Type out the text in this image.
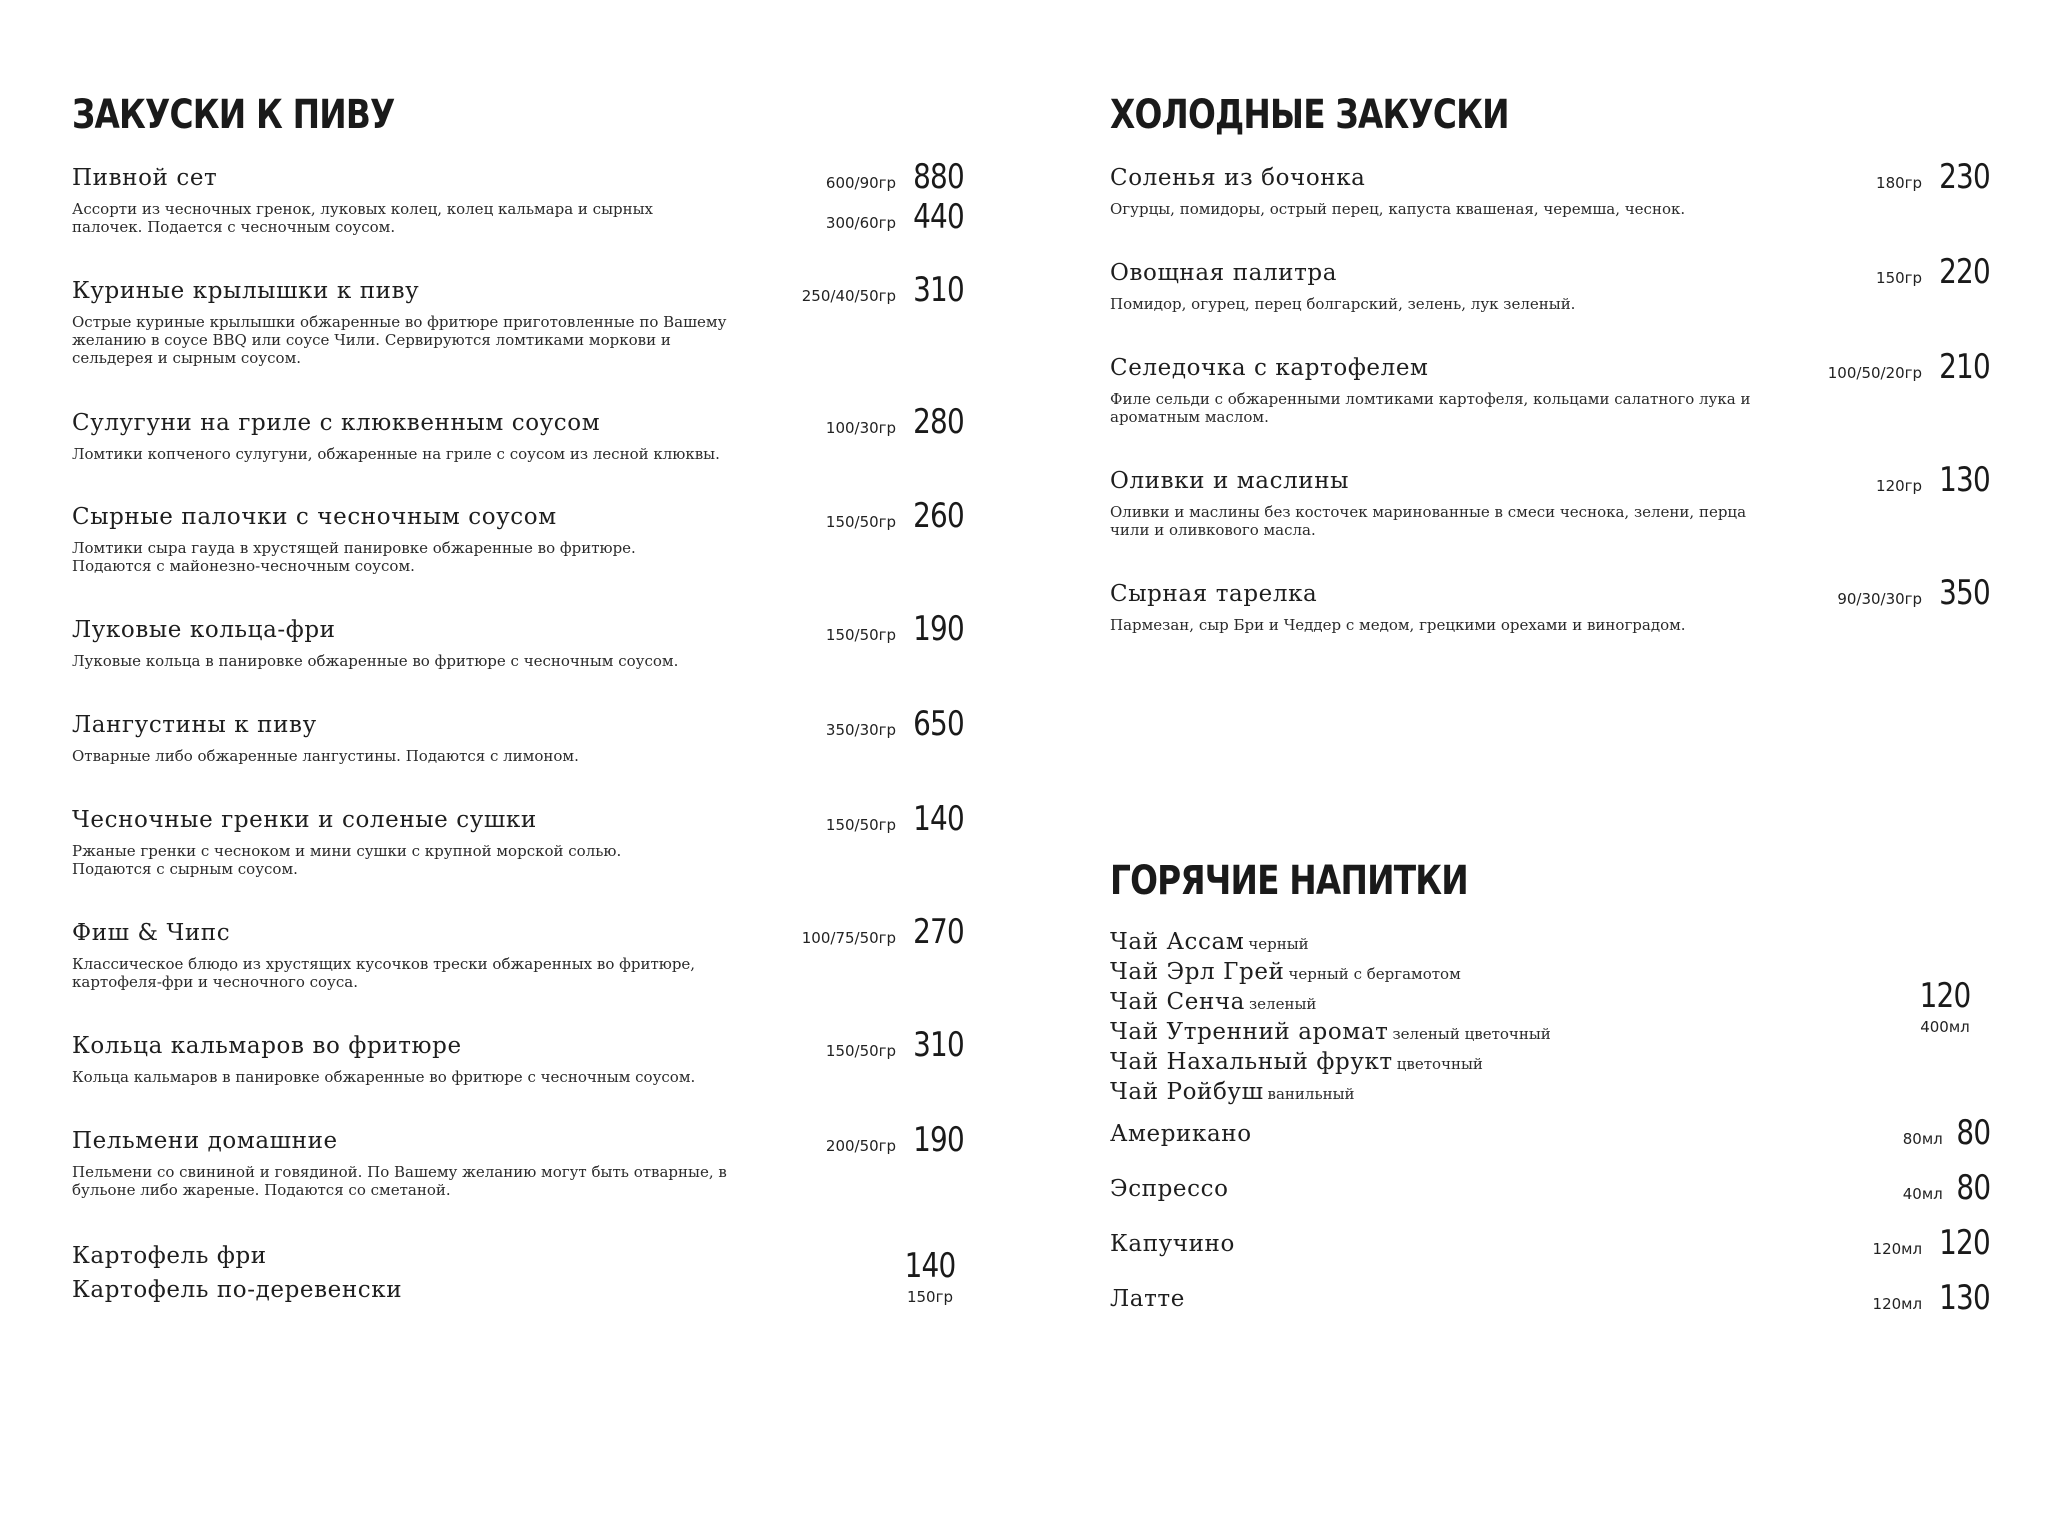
ЗАКУСКИ К ПИВУ
Пивной сет
Ассорти из чесночных гренок, луковых колец, колец кальмара и сырных
палочек. Подается с чесночным соусом.
600/90гр 880
300/60гр 440
Куриные крылышки к пиву
Острые куриные крылышки обжаренные во фритюре приготовленные по Вашему
желанию в соусе BBQ или соусе Чили. Сервируются ломтиками моркови и
сельдерея и сырным соусом.
250/40/50гр 310
Сулугуни на гриле с клюквенным соусом
Ломтики копченого сулугуни, обжаренные на гриле с соусом из лесной клюквы.
100/30гр 280
Сырные палочки с чесночным соусом
Ломтики сыра гауда в хрустящей панировке обжаренные во фритюре.
Подаются с майонезно-чесночным соусом.
150/50гр 260
Луковые кольца-фри
Луковые кольца в панировке обжаренные во фритюре с чесночным соусом.
150/50гр 190
Лангустины к пиву
Отварные либо обжаренные лангустины. Подаются с лимоном.
350/30гр 650
Чесночные гренки и соленые сушки
Ржаные гренки с чесноком и мини сушки с крупной морской солью.
Подаются с сырным соусом.
150/50гр 140
Фиш & Чипс
Классическое блюдо из хрустящих кусочков трески обжаренных во фритюре,
картофеля-фри и чесночного соуса.
100/75/50гр 270
Кольца кальмаров во фритюре
Кольца кальмаров в панировке обжаренные во фритюре с чесночным соусом.
150/50гр 310
Пельмени домашние
Пельмени со свининой и говядиной. По Вашему желанию могут быть отварные, в
бульоне либо жареные. Подаются со сметаной.
200/50гр 190
Картофель фри
Картофель по-деревенски
140
150гр
ХОЛОДНЫЕ ЗАКУСКИ
Соленья из бочонка
Огурцы, помидоры, острый перец, капуста квашеная, черемша, чеснок.
180гр 230
Овощная палитра
Помидор, огурец, перец болгарский, зелень, лук зеленый.
150гр 220
Селедочка с картофелем
Филе сельди с обжаренными ломтиками картофеля, кольцами салатного лука и
ароматным маслом.
100/50/20гр 210
Оливки и маслины
Оливки и маслины без косточек маринованные в смеси чеснока, зелени, перца
чили и оливкового масла.
120гр 130
Сырная тарелка
Пармезан, сыр Бри и Чеддер с медом, грецкими орехами и виноградом.
90/30/30гр 350
ГОРЯЧИЕ НАПИТКИ
Чай Ассам черный
Чай Эрл Грей черный с бергамотом
Чай Сенча зеленый
Чай Утренний аромат зеленый цветочный
Чай Нахальный фрукт цветочный
Чай Ройбуш ванильный
120
400мл
Американо	80мл 80
Эспрессо	40мл 80
Капучино	120мл 120
Латте	120мл 130
